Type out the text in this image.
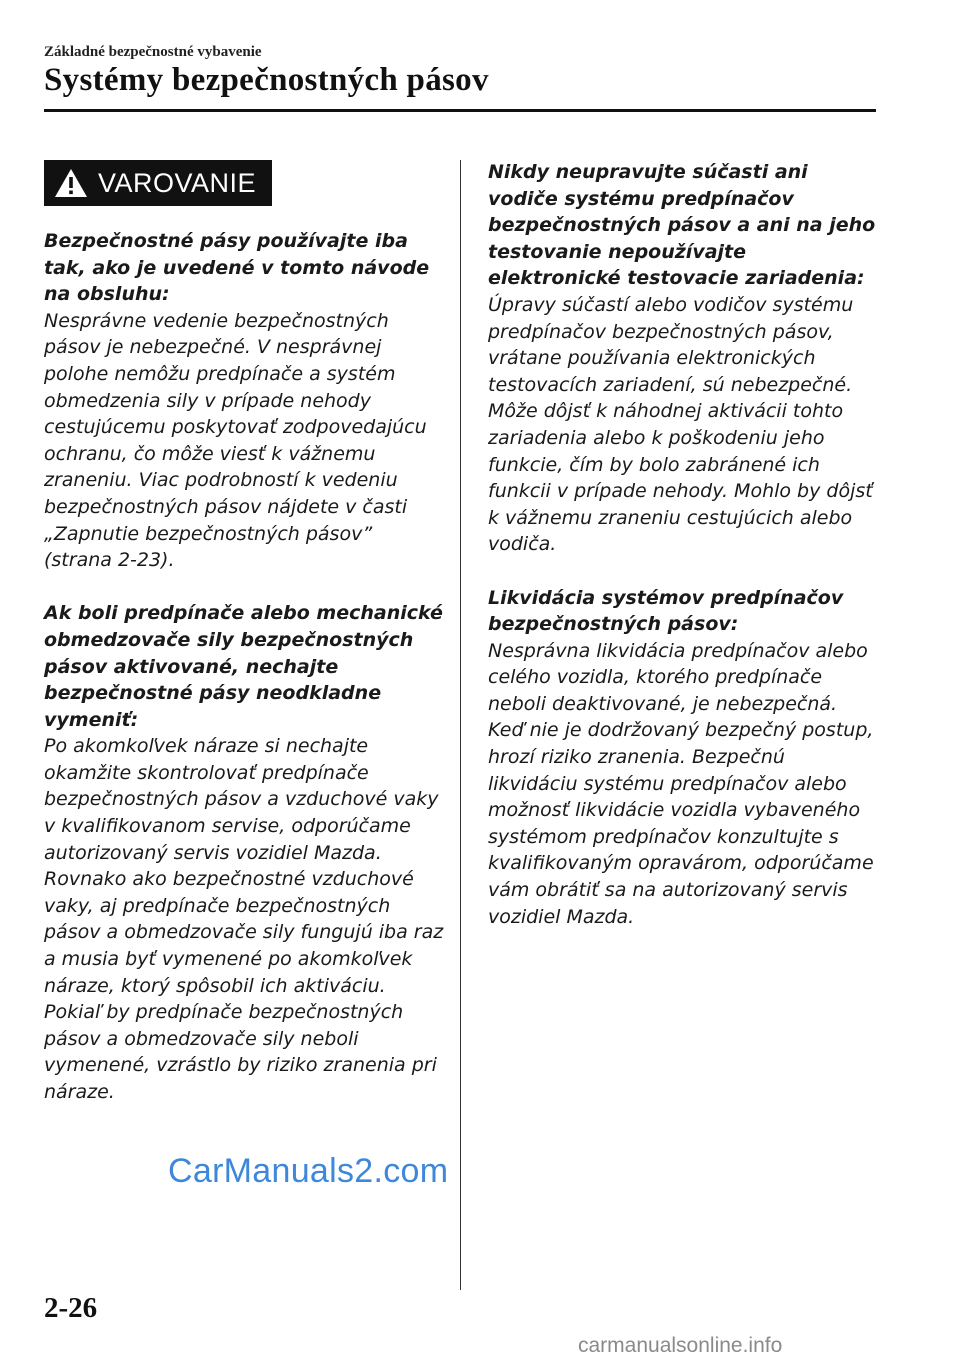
Základné bezpečnostné vybavenie
Systémy bezpečnostných pásov
VAROVANIE

Bezpečnostné pásy používajte iba tak, ako je uvedené v tomto návode na obsluhu:

Nesprávne vedenie bezpečnostných pásov je nebezpečné. V nesprávnej polohe nemôžu predpínače a systém obmedzenia sily v prípade nehody cestujúcemu poskytovať zodpovedajúcu ochranu, čo môže viesť k vážnemu zraneniu. Viac podrobností k vedeniu bezpečnostných pásov nájdete v časti „Zapnutie bezpečnostných pásov” (strana 2-23).

Ak boli predpínače alebo mechanické obmedzovače sily bezpečnostných pásov aktivované, nechajte bezpečnostné pásy neodkladne vymeniť:

Po akomkoľvek náraze si nechajte okamžite skontrolovať predpínače bezpečnostných pásov a vzduchové vaky v kvalifikovanom servise, odporúčame autorizovaný servis vozidiel Mazda. Rovnako ako bezpečnostné vzduchové vaky, aj predpínače bezpečnostných pásov a obmedzovače sily fungujú iba raz a musia byť vymenené po akomkoľvek náraze, ktorý spôsobil ich aktiváciu. Pokiaľ by predpínače bezpečnostných pásov a obmedzovače sily neboli vymenené, vzrástlo by riziko zranenia pri náraze.

Nikdy neupravujte súčasti ani vodiče systému predpínačov bezpečnostných pásov a ani na jeho testovanie nepoužívajte elektronické testovacie zariadenia:

Úpravy súčastí alebo vodičov systému predpínačov bezpečnostných pásov, vrátane používania elektronických testovacích zariadení, sú nebezpečné. Môže dôjsť k náhodnej aktivácii tohto zariadenia alebo k poškodeniu jeho funkcie, čím by bolo zabránené ich funkcii v prípade nehody. Mohlo by dôjsť k vážnemu zraneniu cestujúcich alebo vodiča.

Likvidácia systémov predpínačov bezpečnostných pásov:

Nesprávna likvidácia predpínačov alebo celého vozidla, ktorého predpínače neboli deaktivované, je nebezpečná. Keď nie je dodržovaný bezpečný postup, hrozí riziko zranenia. Bezpečnú likvidáciu systému predpínačov alebo možnosť likvidácie vozidla vybaveného systémom predpínačov konzultujte s kvalifikovaným opravárom, odporúčame vám obrátiť sa na autorizovaný servis vozidiel Mazda.

CarManuals2.com
2-26
carmanualsonline.info
